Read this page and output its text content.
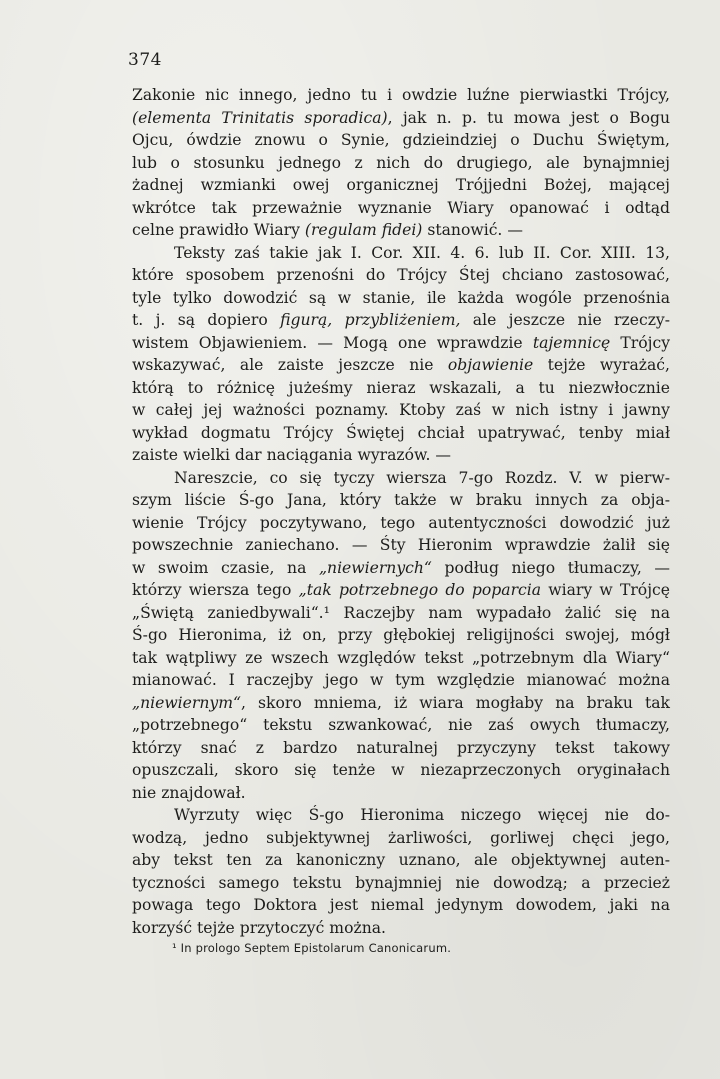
374
Zakonie nic innego, jedno tu i owdzie luźne pierwiastki Trójcy,
(elementa Trinitatis sporadica), jak n. p. tu mowa jest o Bogu
Ojcu, ówdzie znowu o Synie, gdzieindziej o Duchu Świętym,
lub o stosunku jednego z nich do drugiego, ale bynajmniej
żadnej wzmianki owej organicznej Trójjedni Bożej, mającej
wkrótce tak przeważnie wyznanie Wiary opanować i odtąd
celne prawidło Wiary (regulam fidei) stanowić. —
Teksty zaś takie jak I. Cor. XII. 4. 6. lub II. Cor. XIII. 13,
które sposobem przenośni do Trójcy Śtej chciano zastosować,
tyle tylko dowodzić są w stanie, ile każda wogóle przenośnia
t. j. są dopiero figurą, przybliżeniem, ale jeszcze nie rzeczy-
wistem Objawieniem. — Mogą one wprawdzie tajemnicę Trójcy
wskazywać, ale zaiste jeszcze nie objawienie tejże wyrażać,
którą to różnicę jużeśmy nieraz wskazali, a tu niezwłocznie
w całej jej ważności poznamy. Ktoby zaś w nich istny i jawny
wykład dogmatu Trójcy Świętej chciał upatrywać, tenby miał
zaiste wielki dar naciągania wyrazów. —
Nareszcie, co się tyczy wiersza 7-go Rozdz. V. w pierw-
szym liście Ś-go Jana, który także w braku innych za obja-
wienie Trójcy poczytywano, tego autentyczności dowodzić już
powszechnie zaniechano. — Śty Hieronim wprawdzie żalił się
w swoim czasie, na „niewiernych“ podług niego tłumaczy, —
którzy wiersza tego „tak potrzebnego do poparcia wiary w Trójcę
„Świętą zaniedbywali“.¹ Raczejby nam wypadało żalić się na
Ś-go Hieronima, iż on, przy głębokiej religijności swojej, mógł
tak wątpliwy ze wszech względów tekst „potrzebnym dla Wiary“
mianować. I raczejby jego w tym względzie mianować można
„niewiernym“, skoro mniema, iż wiara mogłaby na braku tak
„potrzebnego“ tekstu szwankować, nie zaś owych tłumaczy,
którzy snać z bardzo naturalnej przyczyny tekst takowy
opuszczali, skoro się tenże w niezaprzeczonych oryginałach
nie znajdował.
Wyrzuty więc Ś-go Hieronima niczego więcej nie do-
wodzą, jedno subjektywnej żarliwości, gorliwej chęci jego,
aby tekst ten za kanoniczny uznano, ale objektywnej auten-
tyczności samego tekstu bynajmniej nie dowodzą; a przecież
powaga tego Doktora jest niemal jedynym dowodem, jaki na
korzyść tejże przytoczyć można.
¹ In prologo Septem Epistolarum Canonicarum.
